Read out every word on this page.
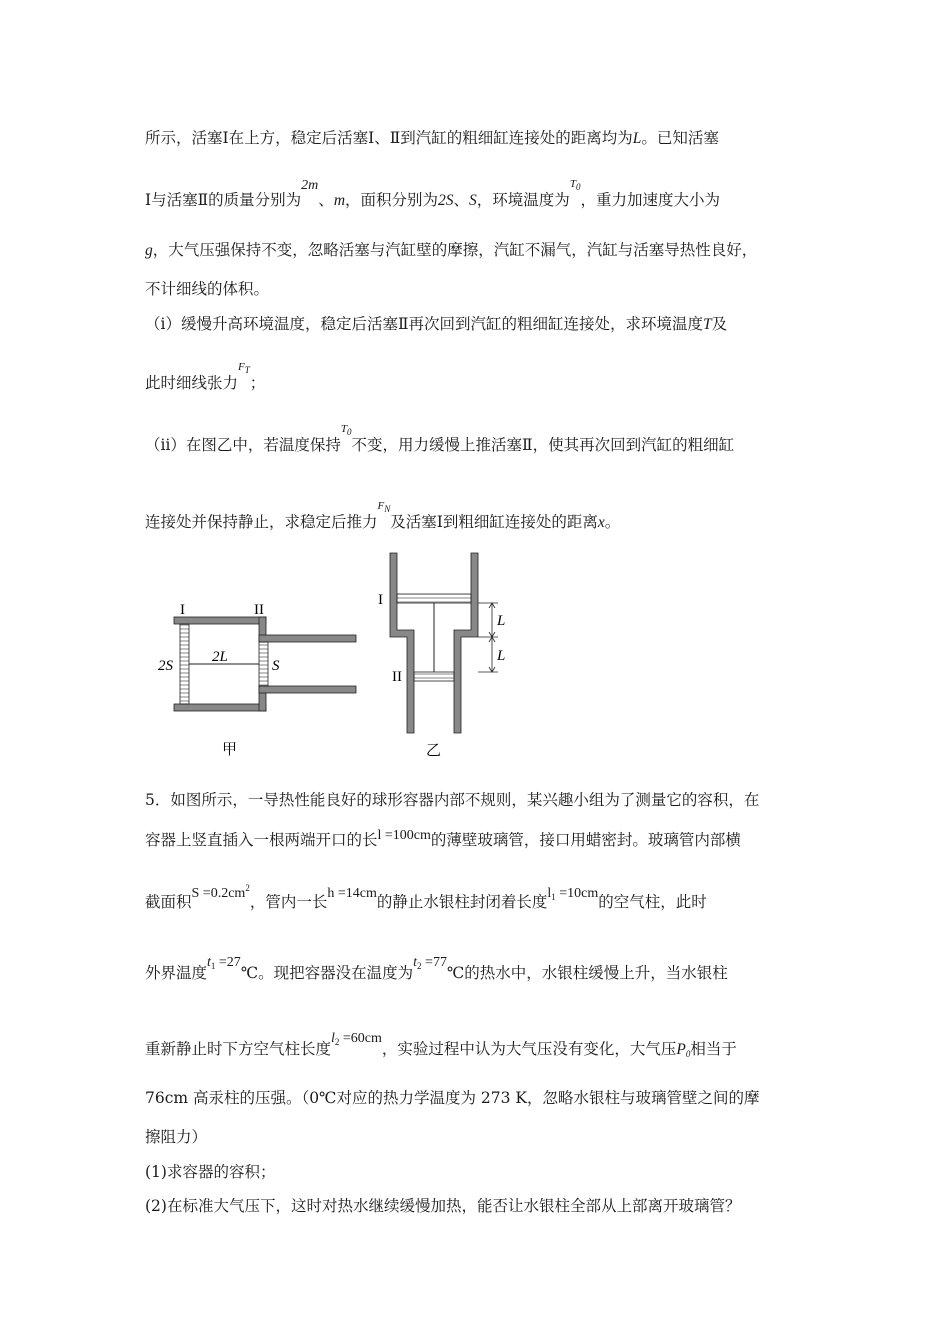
所示，活塞Ⅰ在上方，稳定后活塞Ⅰ、Ⅱ到汽缸的粗细缸连接处的距离均为L。已知活塞
Ⅰ与活塞Ⅱ的质量分别为2m、m，面积分别为2S、S，环境温度为$^{T_0}$，重力加速度大小为
g，大气压强保持不变，忽略活塞与汽缸壁的摩擦，汽缸不漏气，汽缸与活塞导热性良好，
不计细线的体积。
（ⅰ）缓慢升高环境温度，稳定后活塞Ⅱ再次回到汽缸的粗细缸连接处，求环境温度T及
此时细线张力$^{F_T}$；
（ⅱ）在图乙中，若温度保持$^{T_0}$不变，用力缓慢上推活塞Ⅱ，使其再次回到汽缸的粗细缸
连接处并保持静止，求稳定后推力$^{F_N}$及活塞Ⅰ到粗细缸连接处的距离x。
I	II
2S
2L
S
甲
L
L
I
II
乙
5．如图所示，一导热性能良好的球形容器内部不规则，某兴趣小组为了测量它的容积，在
容器上竖直插入一根两端开口的长l =100cm的薄壁玻璃管，接口用蜡密封。玻璃管内部横
截面积$S =0.2cm^2$，管内一长h =14cm的静止水银柱封闭着长度$l_1 =10cm$的空气柱，此时
外界温度$t_1$ =27℃。现把容器没在温度为$t_2$ =77℃的热水中，水银柱缓慢上升，当水银柱
重新静止时下方空气柱长度$l_2 =60cm$，实验过程中认为大气压没有变化，大气压$P_0$相当于
76cm 高汞柱的压强。（0℃对应的热力学温度为 273 K，忽略水银柱与玻璃管壁之间的摩
擦阻力）
(1)求容器的容积；
(2)在标准大气压下，这时对热水继续缓慢加热，能否让水银柱全部从上部离开玻璃管？
